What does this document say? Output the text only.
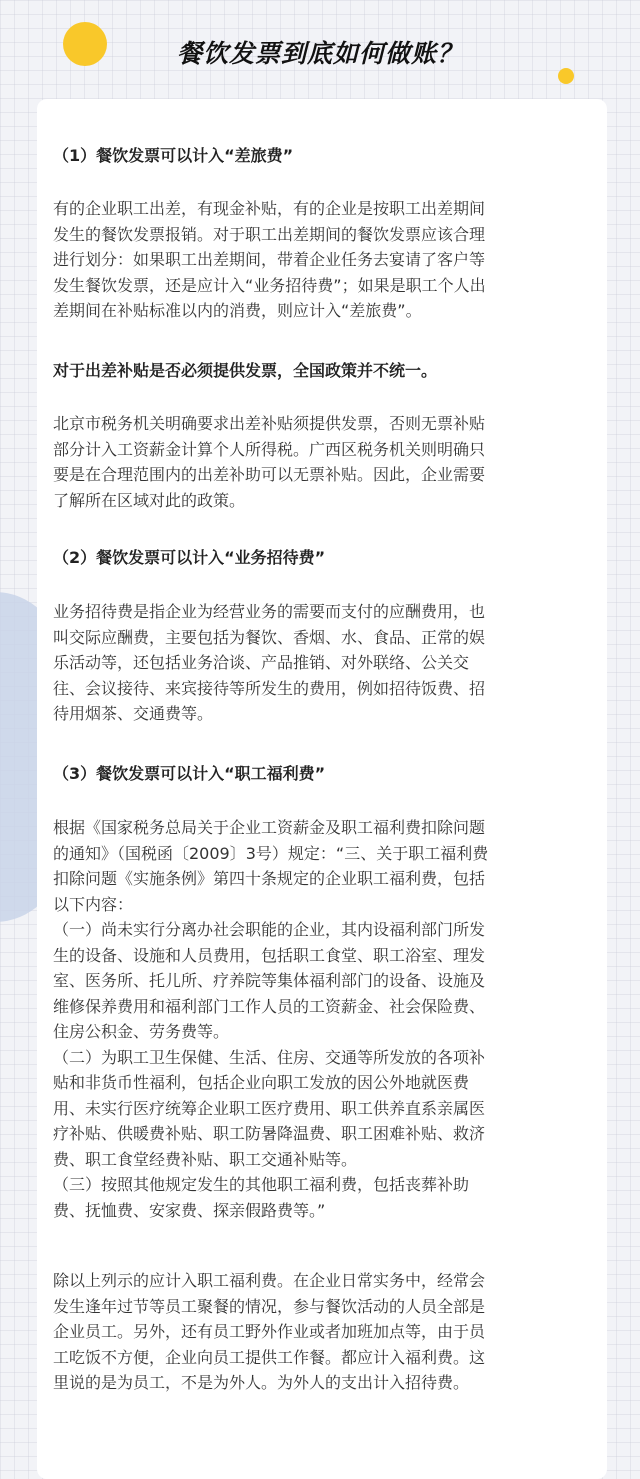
餐饮发票到底如何做账？

（1）餐饮发票可以计入“差旅费”

有的企业职工出差，有现金补贴，有的企业是按职工出差期间
发生的餐饮发票报销。对于职工出差期间的餐饮发票应该合理
进行划分：如果职工出差期间，带着企业任务去宴请了客户等
发生餐饮发票，还是应计入“业务招待费”；如果是职工个人出
差期间在补贴标准以内的消费，则应计入“差旅费”。

对于出差补贴是否必须提供发票，全国政策并不统一。

北京市税务机关明确要求出差补贴须提供发票，否则无票补贴
部分计入工资薪金计算个人所得税。广西区税务机关则明确只
要是在合理范围内的出差补助可以无票补贴。因此，企业需要
了解所在区域对此的政策。

（2）餐饮发票可以计入“业务招待费”

业务招待费是指企业为经营业务的需要而支付的应酬费用，也
叫交际应酬费，主要包括为餐饮、香烟、水、食品、正常的娱
乐活动等，还包括业务洽谈、产品推销、对外联络、公关交
往、会议接待、来宾接待等所发生的费用，例如招待饭费、招
待用烟茶、交通费等。

（3）餐饮发票可以计入“职工福利费”

根据《国家税务总局关于企业工资薪金及职工福利费扣除问题
的通知》（国税函〔2009〕3号）规定：“三、关于职工福利费
扣除问题《实施条例》第四十条规定的企业职工福利费，包括
以下内容：
（一）尚未实行分离办社会职能的企业，其内设福利部门所发
生的设备、设施和人员费用，包括职工食堂、职工浴室、理发
室、医务所、托儿所、疗养院等集体福利部门的设备、设施及
维修保养费用和福利部门工作人员的工资薪金、社会保险费、
住房公积金、劳务费等。
（二）为职工卫生保健、生活、住房、交通等所发放的各项补
贴和非货币性福利，包括企业向职工发放的因公外地就医费
用、未实行医疗统筹企业职工医疗费用、职工供养直系亲属医
疗补贴、供暖费补贴、职工防暑降温费、职工困难补贴、救济
费、职工食堂经费补贴、职工交通补贴等。
（三）按照其他规定发生的其他职工福利费，包括丧葬补助
费、抚恤费、安家费、探亲假路费等。”

除以上列示的应计入职工福利费。在企业日常实务中，经常会
发生逢年过节等员工聚餐的情况，参与餐饮活动的人员全部是
企业员工。另外，还有员工野外作业或者加班加点等，由于员
工吃饭不方便，企业向员工提供工作餐。都应计入福利费。这
里说的是为员工，不是为外人。为外人的支出计入招待费。
